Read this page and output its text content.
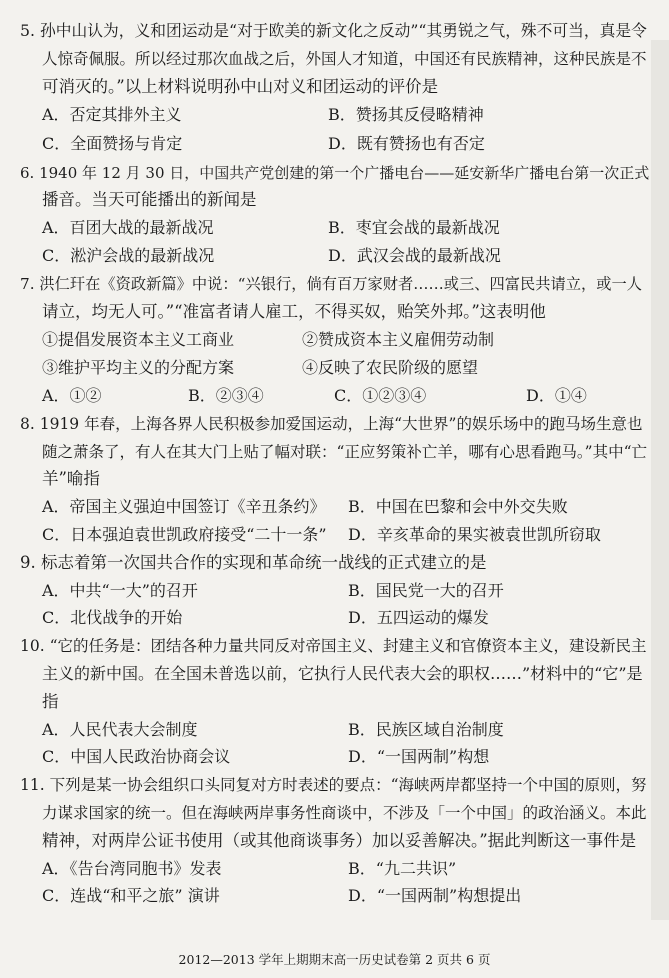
5. 孙中山认为，义和团运动是“对于欧美的新文化之反动”“其勇锐之气，殊不可当，真是令
人惊奇佩服。所以经过那次血战之后，外国人才知道，中国还有民族精神，这种民族是不
可消灭的。”以上材料说明孙中山对义和团运动的评价是
A．否定其排外主义	B．赞扬其反侵略精神
C．全面赞扬与肯定	D．既有赞扬也有否定
6. 1940 年 12 月 30 日，中国共产党创建的第一个广播电台——延安新华广播电台第一次正式
播音。当天可能播出的新闻是
A．百团大战的最新战况	B．枣宜会战的最新战况
C．淞沪会战的最新战况	D．武汉会战的最新战况
7. 洪仁玕在《资政新篇》中说：“兴银行，倘有百万家财者……或三、四富民共请立，或一人
请立，均无人可。”“准富者请人雇工，不得买奴，贻笑外邦。”这表明他
①提倡发展资本主义工商业	②赞成资本主义雇佣劳动制
③维护平均主义的分配方案	④反映了农民阶级的愿望
A．①②	B．②③④	C．①②③④	D．①④
8. 1919 年春，上海各界人民积极参加爱国运动，上海“大世界”的娱乐场中的跑马场生意也
随之萧条了，有人在其大门上贴了幅对联：“正应努策补亡羊，哪有心思看跑马。”其中“亡
羊”喻指
A．帝国主义强迫中国签订《辛丑条约》 B．中国在巴黎和会中外交失败
C．日本强迫袁世凯政府接受“二十一条” D．辛亥革命的果实被袁世凯所窃取
9. 标志着第一次国共合作的实现和革命统一战线的正式建立的是
A．中共“一大”的召开	B．国民党一大的召开
C．北伐战争的开始	D．五四运动的爆发
10. “它的任务是：团结各种力量共同反对帝国主义、封建主义和官僚资本主义，建设新民主
主义的新中国。在全国未普选以前，它执行人民代表大会的职权……”材料中的“它”是
指
A．人民代表大会制度	B．民族区域自治制度
C．中国人民政治协商会议	D．“一国两制”构想
11. 下列是某一协会组织口头同复对方时表述的要点：“海峡两岸都坚持一个中国的原则，努
力谋求国家的统一。但在海峡两岸事务性商谈中，不涉及「一个中国」的政治涵义。本此
精神，对两岸公证书使用（或其他商谈事务）加以妥善解决。”据此判断这一事件是
A．《告台湾同胞书》发表	B．“九二共识”
C．连战“和平之旅” 演讲	D．“一国两制”构想提出
2012—2013 学年上期期末高一历史试卷第 2 页共 6 页
